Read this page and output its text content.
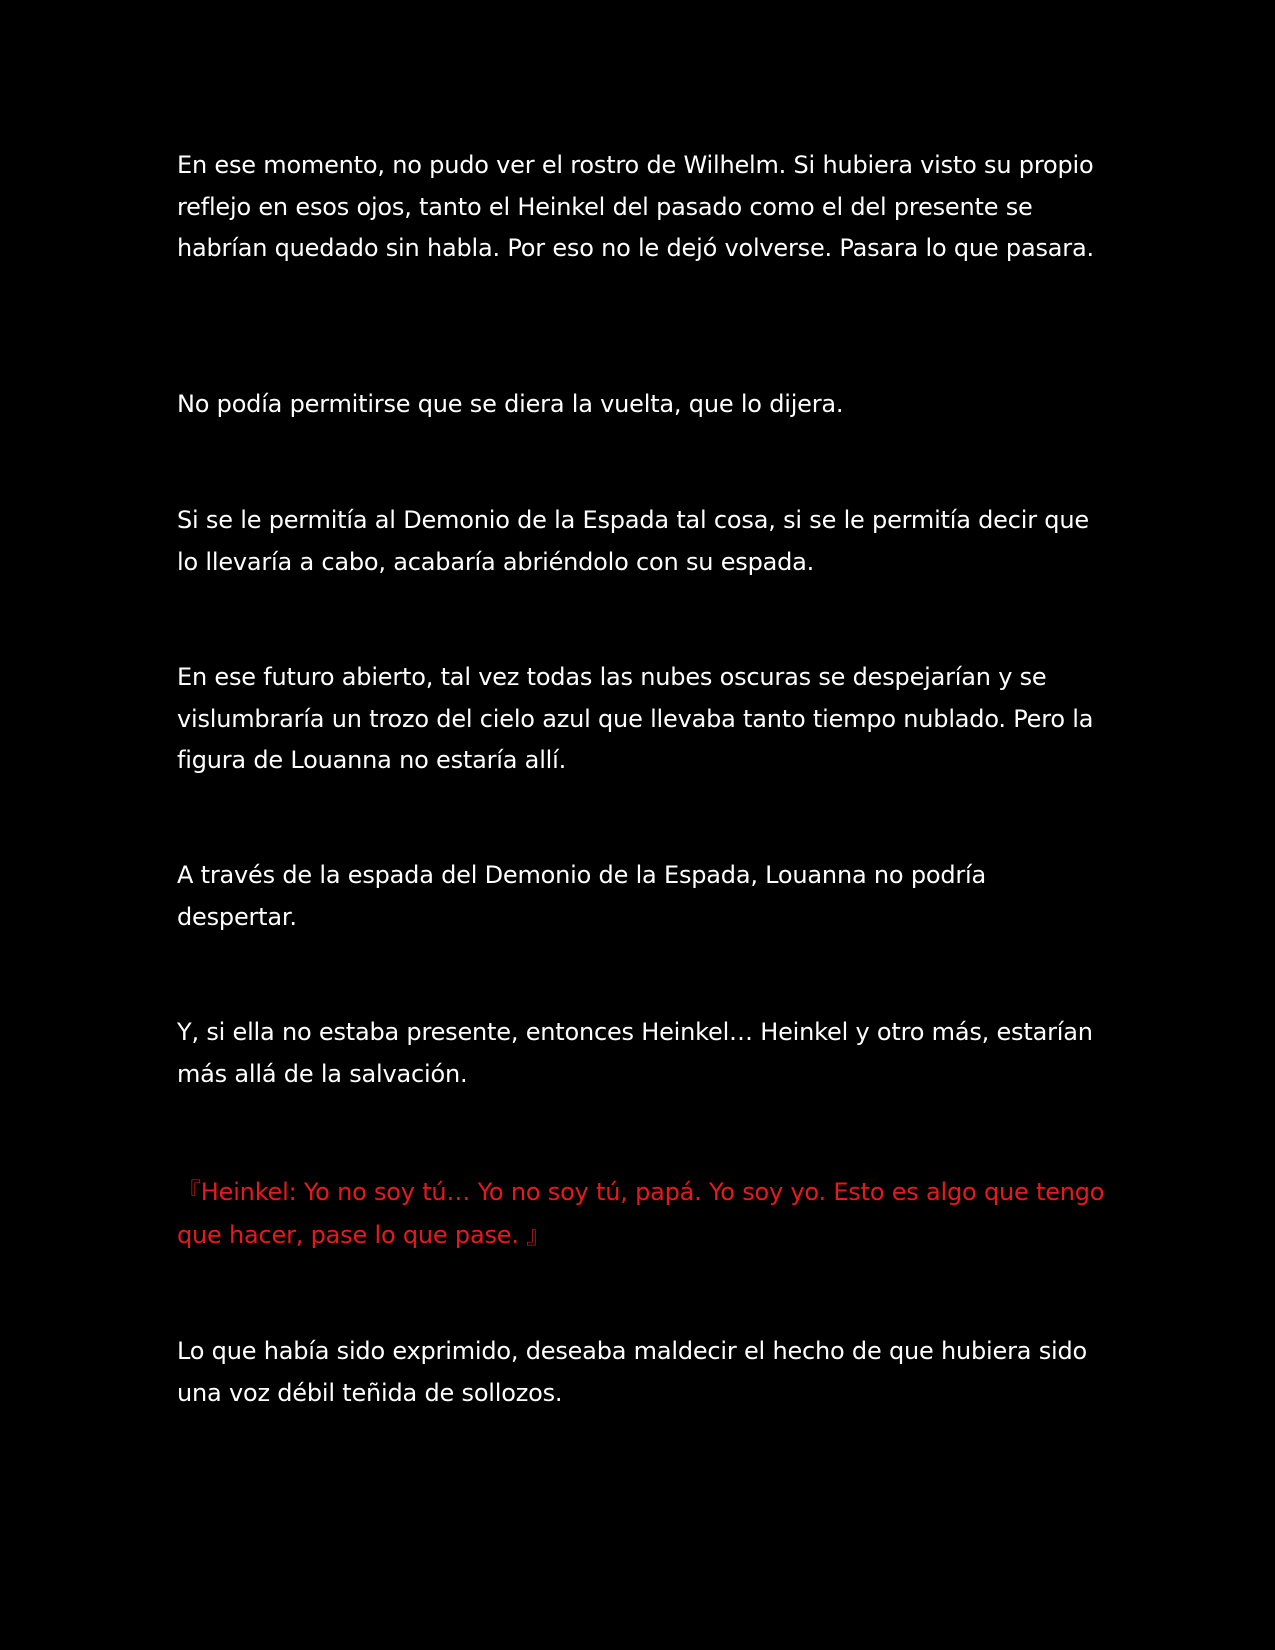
En ese momento, no pudo ver el rostro de Wilhelm. Si hubiera visto su propio reflejo en esos ojos, tanto el Heinkel del pasado como el del presente se habrían quedado sin habla. Por eso no le dejó volverse. Pasara lo que pasara.

No podía permitirse que se diera la vuelta, que lo dijera.

Si se le permitía al Demonio de la Espada tal cosa, si se le permitía decir que lo llevaría a cabo, acabaría abriéndolo con su espada.

En ese futuro abierto, tal vez todas las nubes oscuras se despejarían y se vislumbraría un trozo del cielo azul que llevaba tanto tiempo nublado. Pero la figura de Louanna no estaría allí.

A través de la espada del Demonio de la Espada, Louanna no podría despertar.

Y, si ella no estaba presente, entonces Heinkel… Heinkel y otro más, estarían más allá de la salvación.

『Heinkel: Yo no soy tú… Yo no soy tú, papá. Yo soy yo. Esto es algo que tengo que hacer, pase lo que pase. 』

Lo que había sido exprimido, deseaba maldecir el hecho de que hubiera sido una voz débil teñida de sollozos.
